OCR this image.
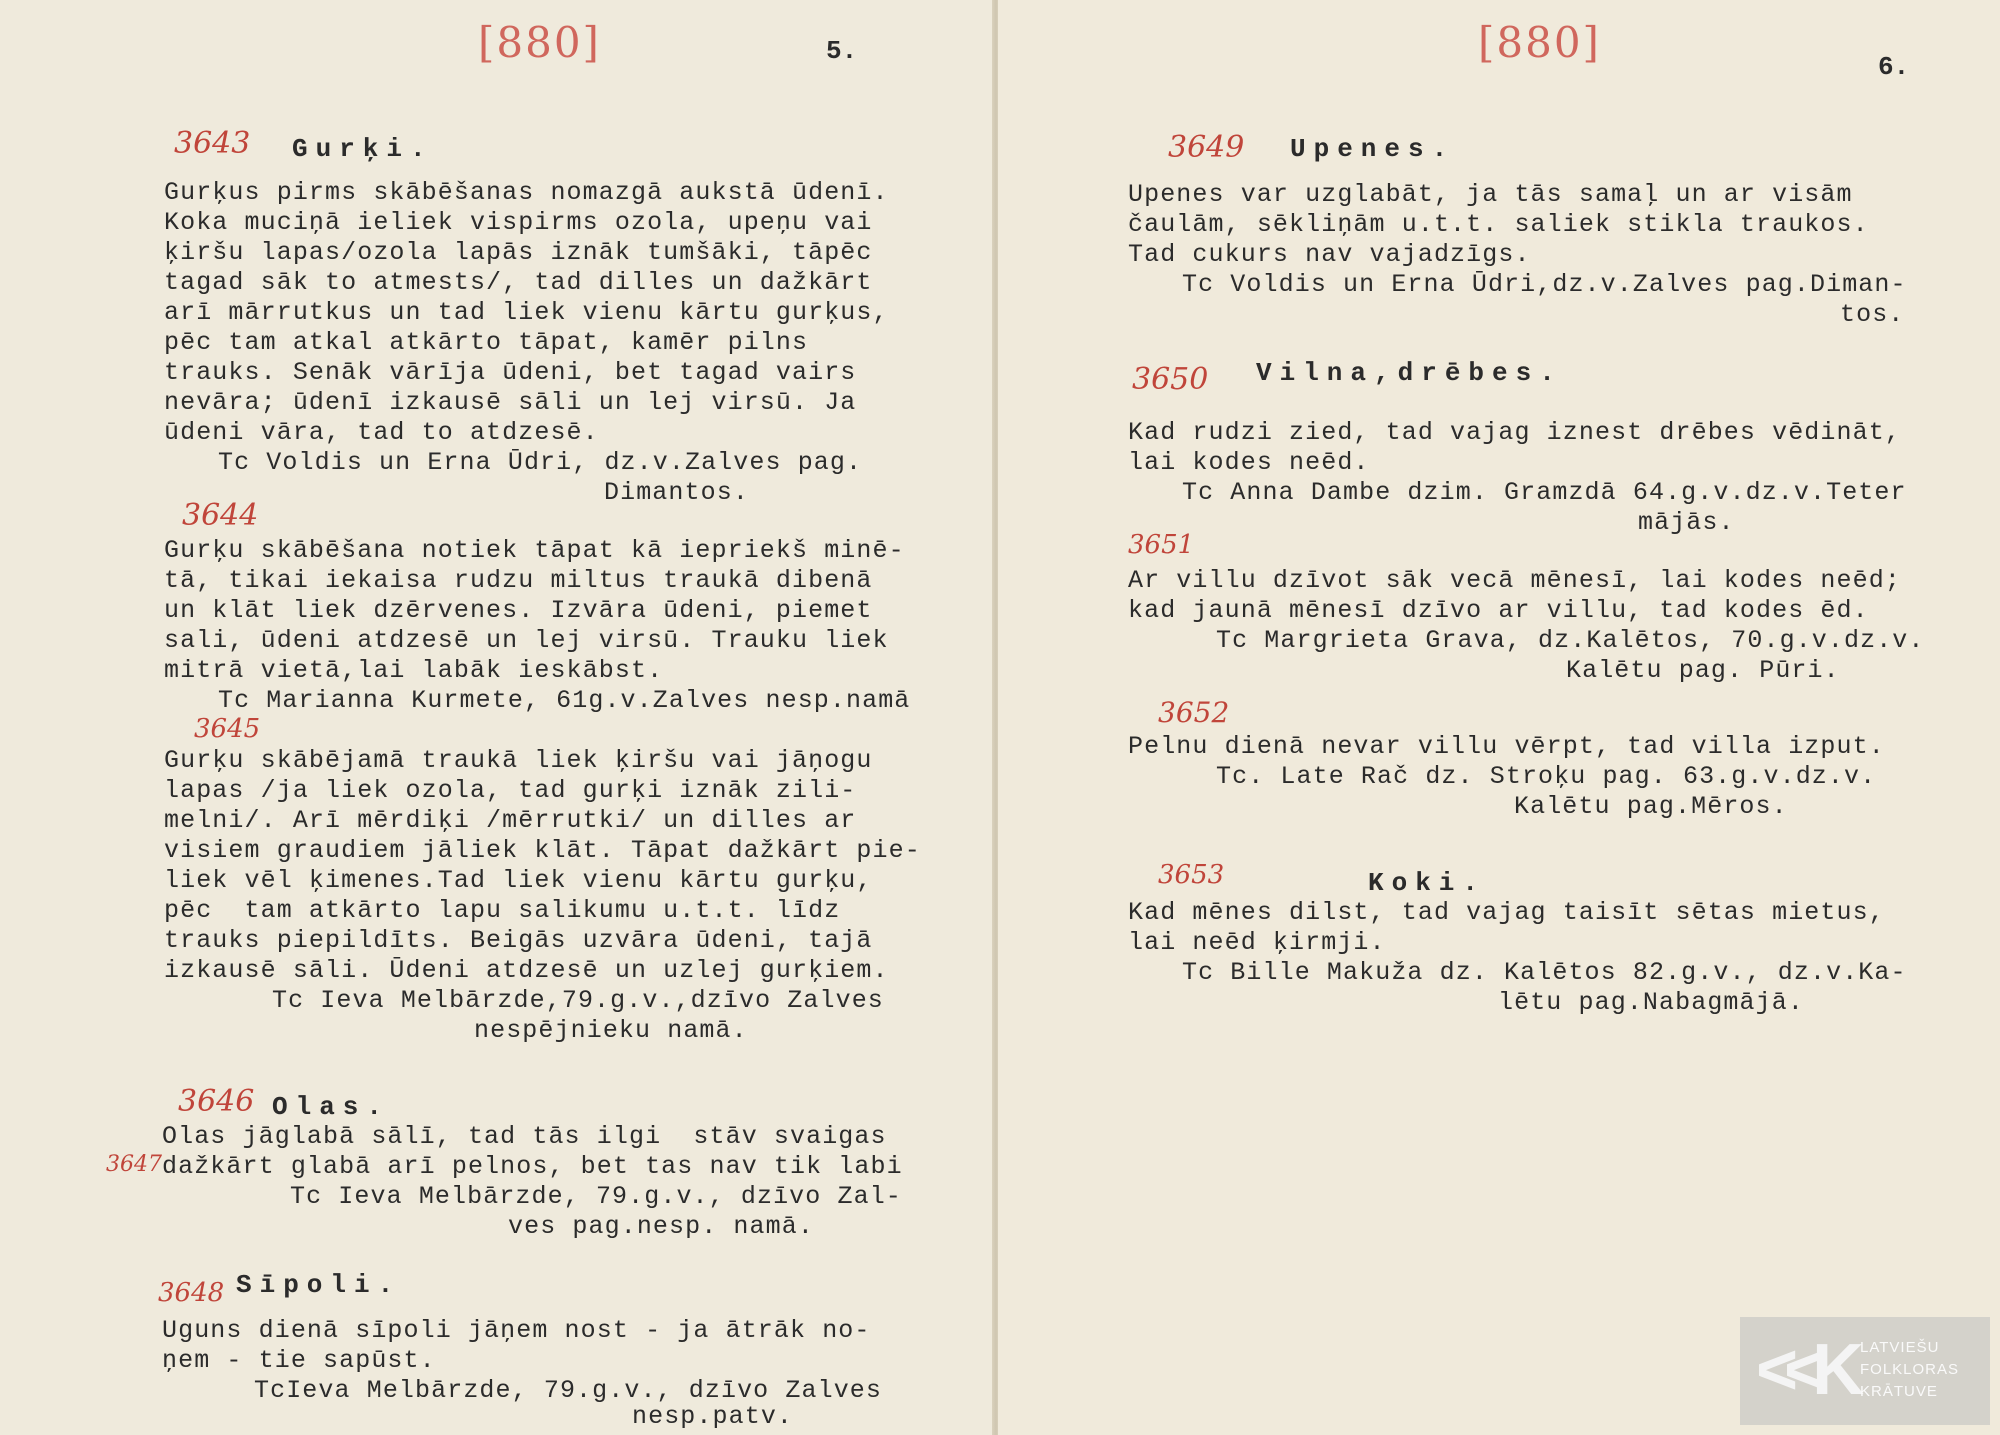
[880]	5.
3643 Gurķi.
Gurķus pirms skābēšanas nomazgā aukstā ūdenī.
Koka muciņā ieliek vispirms ozola, upeņu vai
ķiršu lapas/ozola lapās iznāk tumšāki, tāpēc
tagad sāk to atmests/, tad dilles un dažkārt
arī mārrutkus un tad liek vienu kārtu gurķus,
pēc tam atkal atkārto tāpat, kamēr pilns
trauks. Senāk vārīja ūdeni, bet tagad vairs
nevāra; ūdenī izkausē sāli un lej virsū. Ja
ūdeni vāra, tad to atdzesē.
Tc Voldis un Erna Ūdri, dz.v.Zalves pag.
Dimantos.
3644
Gurķu skābēšana notiek tāpat kā iepriekš minē-
tā, tikai iekaisa rudzu miltus traukā dibenā
un klāt liek dzērvenes. Izvāra ūdeni, piemet
sali, ūdeni atdzesē un lej virsū. Trauku liek
mitrā vietā,lai labāk ieskābst.
Tc Marianna Kurmete, 61g.v.Zalves nesp.namā
3645
Gurķu skābējamā traukā liek ķiršu vai jāņogu
lapas /ja liek ozola, tad gurķi iznāk zili-
melni/. Arī mērdiķi /mērrutki/ un dilles ar
visiem graudiem jāliek klāt. Tāpat dažkārt pie-
liek vēl ķimenes.Tad liek vienu kārtu gurķu,
pēc  tam atkārto lapu salikumu u.t.t. līdz
trauks piepildīts. Beigās uzvāra ūdeni, tajā
izkausē sāli. Ūdeni atdzesē un uzlej gurķiem.
Tc Ieva Melbārzde,79.g.v.,dzīvo Zalves
nespējnieku namā.
3646 Olas.
3647
Olas jāglabā sālī, tad tās ilgi  stāv svaigas
dažkārt glabā arī pelnos, bet tas nav tik labi
Tc Ieva Melbārzde, 79.g.v., dzīvo Zal-
ves pag.nesp. namā.
3648 Sīpoli.
Uguns dienā sīpoli jāņem nost - ja ātrāk no-
ņem - tie sapūst.
TcIeva Melbārzde, 79.g.v., dzīvo Zalves
nesp.patv.
[880]	6.
3649 Upenes.
Upenes var uzglabāt, ja tās samaļ un ar visām
čaulām, sēkliņām u.t.t. saliek stikla traukos.
Tad cukurs nav vajadzīgs.
Tc Voldis un Erna Ūdri,dz.v.Zalves pag.Diman-
tos.
3650 Vilna,drēbes.
Kad rudzi zied, tad vajag iznest drēbes vēdināt,
lai kodes neēd.
Tc Anna Dambe dzim. Gramzdā 64.g.v.dz.v.Teter
mājās.
3651
Ar villu dzīvot sāk vecā mēnesī, lai kodes neēd;
kad jaunā mēnesī dzīvo ar villu, tad kodes ēd.
Tc Margrieta Grava, dz.Kalētos, 70.g.v.dz.v.
Kalētu pag. Pūri.
3652
Pelnu dienā nevar villu vērpt, tad villa izput.
Tc. Late Rač dz. Stroķu pag. 63.g.v.dz.v.
Kalētu pag.Mēros.
3653	Koki.
Kad mēnes dilst, tad vajag taisīt sētas mietus,
lai neēd ķirmji.
Tc Bille Makuža dz. Kalētos 82.g.v., dz.v.Ka-
lētu pag.Nabagmājā.
<<K LATVIEŠU
FOLKLORAS
KRĀTUVE
